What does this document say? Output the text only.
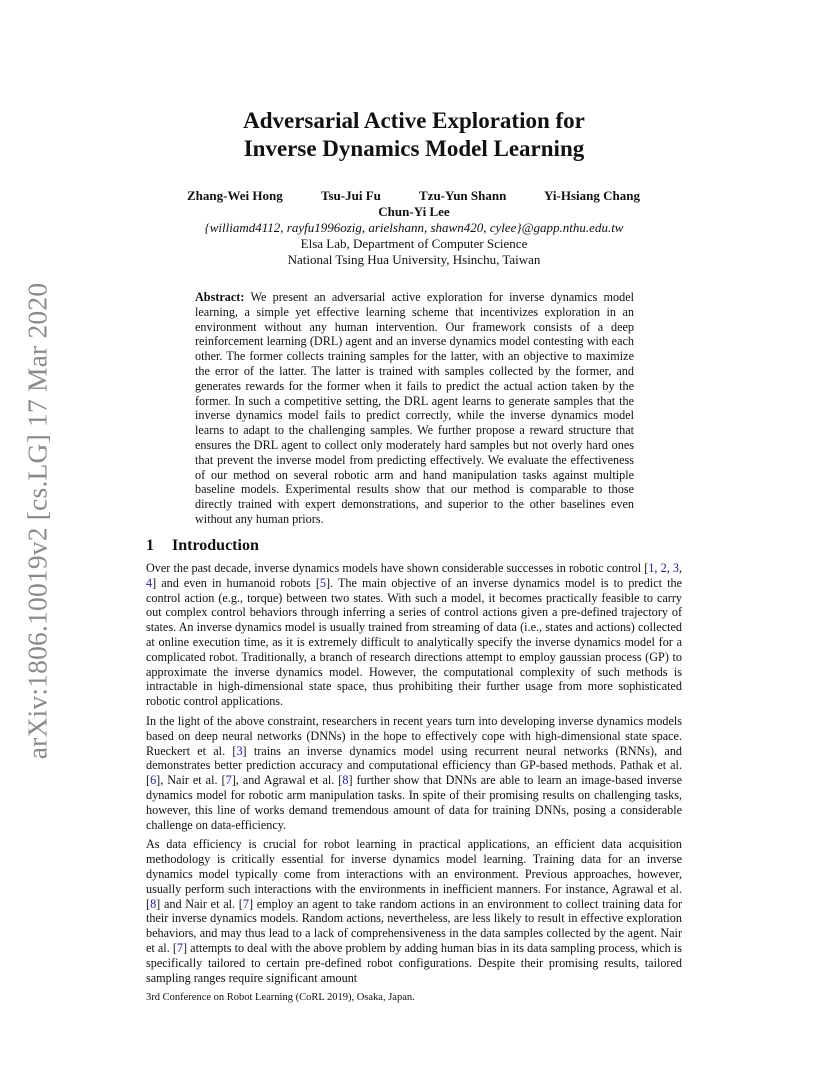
arXiv:1806.10019v2 [cs.LG] 17 Mar 2020
Adversarial Active Exploration for
Inverse Dynamics Model Learning
Zhang-Wei Hong	Tsu-Jui Fu	Tzu-Yun Shann	Yi-Hsiang Chang
Chun-Yi Lee
{williamd4112, rayfu1996ozig, arielshann, shawn420, cylee}@gapp.nthu.edu.tw
Elsa Lab, Department of Computer Science
National Tsing Hua University, Hsinchu, Taiwan
Abstract: We present an adversarial active exploration for inverse dynamics model learning, a simple yet effective learning scheme that incentivizes exploration in an environment without any human intervention. Our framework consists of a deep reinforcement learning (DRL) agent and an inverse dynamics model contesting with each other. The former collects training samples for the latter, with an objective to maximize the error of the latter. The latter is trained with samples collected by the former, and generates rewards for the former when it fails to predict the actual action taken by the former. In such a competitive setting, the DRL agent learns to generate samples that the inverse dynamics model fails to predict correctly, while the inverse dynamics model learns to adapt to the challenging samples. We further propose a reward structure that ensures the DRL agent to collect only moderately hard samples but not overly hard ones that prevent the inverse model from predicting effectively. We evaluate the effectiveness of our method on several robotic arm and hand manipulation tasks against multiple baseline models. Experimental results show that our method is comparable to those directly trained with expert demonstrations, and superior to the other baselines even without any human priors.
1 Introduction

Over the past decade, inverse dynamics models have shown considerable successes in robotic control [1, 2, 3, 4] and even in humanoid robots [5]. The main objective of an inverse dynamics model is to predict the control action (e.g., torque) between two states. With such a model, it becomes practically feasible to carry out complex control behaviors through inferring a series of control actions given a pre-defined trajectory of states. An inverse dynamics model is usually trained from streaming of data (i.e., states and actions) collected at online execution time, as it is extremely difficult to analytically specify the inverse dynamics model for a complicated robot. Traditionally, a branch of research directions attempt to employ gaussian process (GP) to approximate the inverse dynamics model. However, the computational complexity of such methods is intractable in high-dimensional state space, thus prohibiting their further usage from more sophisticated robotic control applications.

In the light of the above constraint, researchers in recent years turn into developing inverse dynamics models based on deep neural networks (DNNs) in the hope to effectively cope with high-dimensional state space. Rueckert et al. [3] trains an inverse dynamics model using recurrent neural networks (RNNs), and demonstrates better prediction accuracy and computational efficiency than GP-based methods. Pathak et al. [6], Nair et al. [7], and Agrawal et al. [8] further show that DNNs are able to learn an image-based inverse dynamics model for robotic arm manipulation tasks. In spite of their promising results on challenging tasks, however, this line of works demand tremendous amount of data for training DNNs, posing a considerable challenge on data-efficiency.

As data efficiency is crucial for robot learning in practical applications, an efficient data acquisition methodology is critically essential for inverse dynamics model learning. Training data for an inverse dynamics model typically come from interactions with an environment. Previous approaches, however, usually perform such interactions with the environments in inefficient manners. For instance, Agrawal et al. [8] and Nair et al. [7] employ an agent to take random actions in an environment to collect training data for their inverse dynamics models. Random actions, nevertheless, are less likely to result in effective exploration behaviors, and may thus lead to a lack of comprehensiveness in the data samples collected by the agent. Nair et al. [7] attempts to deal with the above problem by adding human bias in its data sampling process, which is specifically tailored to certain pre-defined robot configurations. Despite their promising results, tailored sampling ranges require significant amount

3rd Conference on Robot Learning (CoRL 2019), Osaka, Japan.
